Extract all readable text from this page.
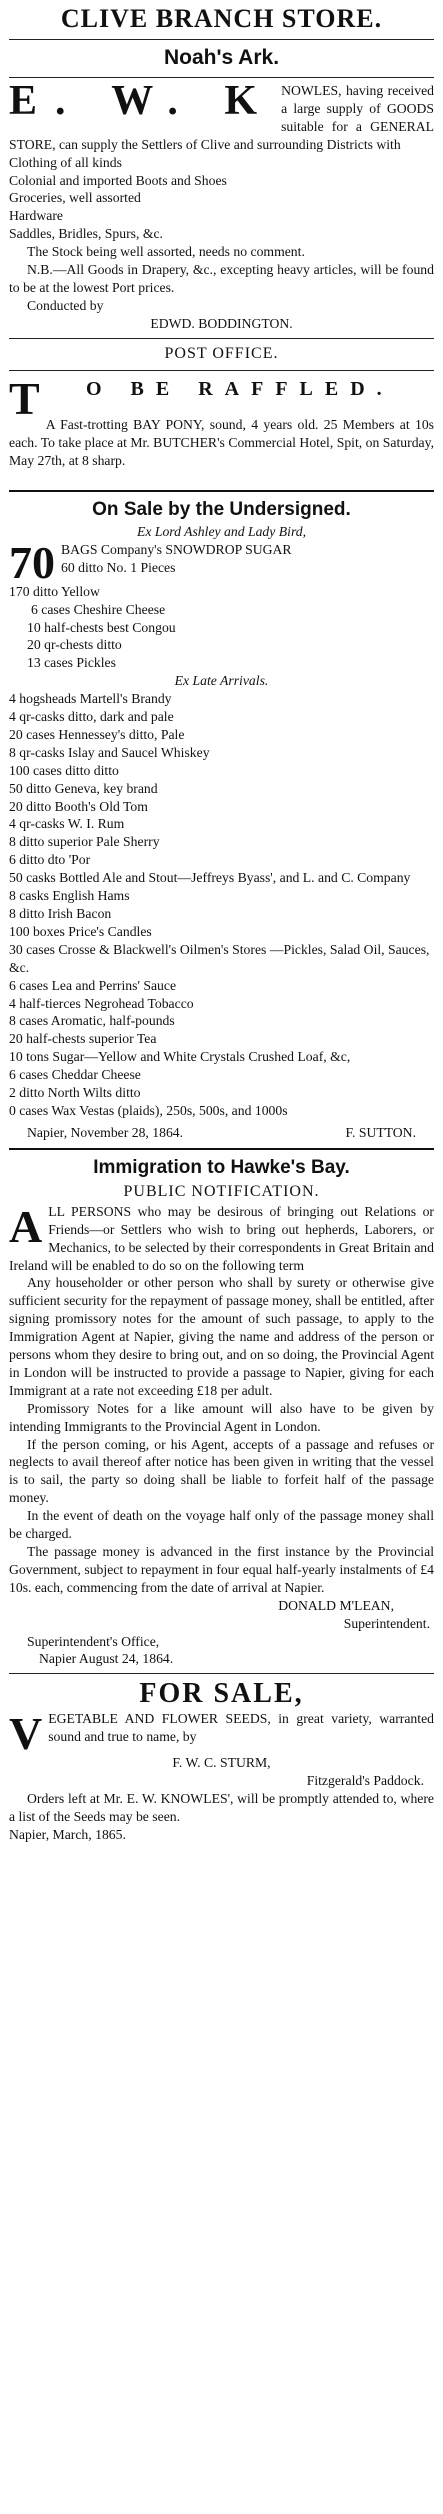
CLIVE BRANCH STORE.
Noah's Ark.
E. W. K NOWLES, having received a large supply of GOODS suitable for a GENERAL STORE, can supply the Settlers of Clive and surrounding Districts with
Clothing of all kinds
Colonial and imported Boots and Shoes
Groceries, well assorted
Hardware
Saddles, Bridles, Spurs, &c.

The Stock being well assorted, needs no comment.

N.B.—All Goods in Drapery, &c., excepting heavy articles, will be found to be at the lowest Port prices.

Conducted by
EDWD. BODDINGTON.
POST OFFICE.
T	O BE RAFFLED.

A Fast-trotting BAY PONY, sound, 4 years old. 25 Members at 10s each. To take place at Mr. BUTCHER's Commercial Hotel, Spit, on Saturday, May 27th, at 8 sharp.

On Sale by the Undersigned.
Ex Lord Ashley and Lady Bird,
70 BAGS Company's SNOWDROP SUGAR
60 ditto No. 1 Pieces
170 ditto Yellow
6 cases Cheshire Cheese
10 half-chests best Congou
20 qr-chests ditto
13 cases Pickles
Ex Late Arrivals.
4 hogsheads Martell's Brandy
4 qr-casks ditto, dark and pale
20 cases Hennessey's ditto, Pale
8 qr-casks Islay and Saucel Whiskey
100 cases ditto ditto
50 ditto Geneva, key brand
20 ditto Booth's Old Tom
4 qr-casks W. I. Rum
8 ditto superior Pale Sherry
6 ditto dto 'Por
50 casks Bottled Ale and Stout—Jeffreys Byass', and L. and C. Company
8 casks English Hams
8 ditto Irish Bacon
100 boxes Price's Candles
30 cases Crosse & Blackwell's Oilmen's Stores —Pickles, Salad Oil, Sauces, &c.
6 cases Lea and Perrins' Sauce
4 half-tierces Negrohead Tobacco
8 cases Aromatic, half-pounds
20 half-chests superior Tea
10 tons Sugar—Yellow and White Crystals Crushed Loaf, &c,
6 cases Cheddar Cheese
2 ditto North Wilts ditto
0 cases Wax Vestas (plaids), 250s, 500s, and 1000s
Napier, November 28, 1864.	F. SUTTON.
Immigration to Hawke's Bay.
PUBLIC NOTIFICATION.
A LL PERSONS who may be desirous of bringing out Relations or Friends—or Settlers who wish to bring out hepherds, Laborers, or Mechanics, to be selected by their correspondents in Great Britain and Ireland will be enabled to do so on the following term

Any householder or other person who shall by surety or otherwise give sufficient security for the repayment of passage money, shall be entitled, after signing promissory notes for the amount of such passage, to apply to the Immigration Agent at Napier, giving the name and address of the person or persons whom they desire to bring out, and on so doing, the Provincial Agent in London will be instructed to provide a passage to Napier, giving for each Immigrant at a rate not exceeding £18 per adult.

Promissory Notes for a like amount will also have to be given by intending Immigrants to the Provincial Agent in London.

If the person coming, or his Agent, accepts of a passage and refuses or neglects to avail thereof after notice has been given in writing that the vessel is to sail, the party so doing shall be liable to forfeit half of the passage money.

In the event of death on the voyage half only of the passage money shall be charged.

The passage money is advanced in the first instance by the Provincial Government, subject to repayment in four equal half-yearly instalments of £4 10s. each, commencing from the date of arrival at Napier.

DONALD M'LEAN,
Superintendent.
Superintendent's Office,
Napier August 24, 1864.
FOR SALE,
V EGETABLE AND FLOWER SEEDS, in great variety, warranted sound and true to name, by
F. W. C. STURM,
Fitzgerald's Paddock.

Orders left at Mr. E. W. KNOWLES', will be promptly attended to, where a list of the Seeds may be seen.

Napier, March, 1865.
